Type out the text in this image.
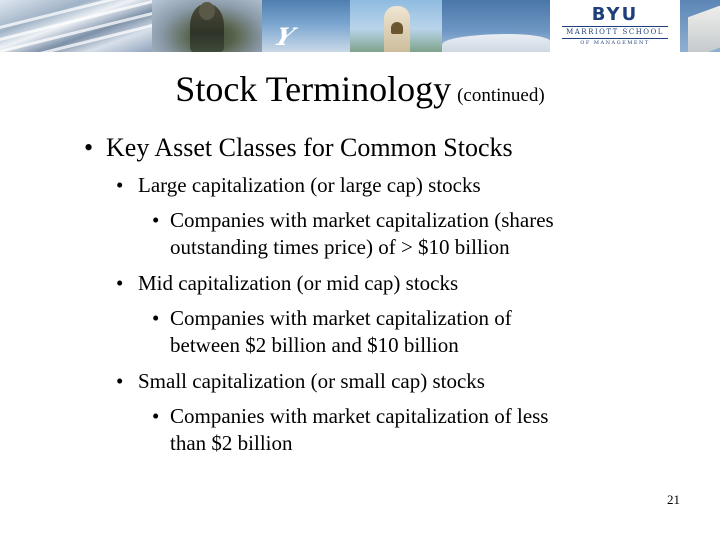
Y
BYU
MARRIOTT SCHOOL
OF MANAGEMENT
Stock Terminology (continued)
• Key Asset Classes for Common Stocks
• Large capitalization (or large cap) stocks
• Companies with market capitalization (shares
outstanding times price) of > $10 billion
• Mid capitalization (or mid cap) stocks
• Companies with market capitalization of
between $2 billion and $10 billion
• Small capitalization (or small cap) stocks
• Companies with market capitalization of less
than $2 billion
21
